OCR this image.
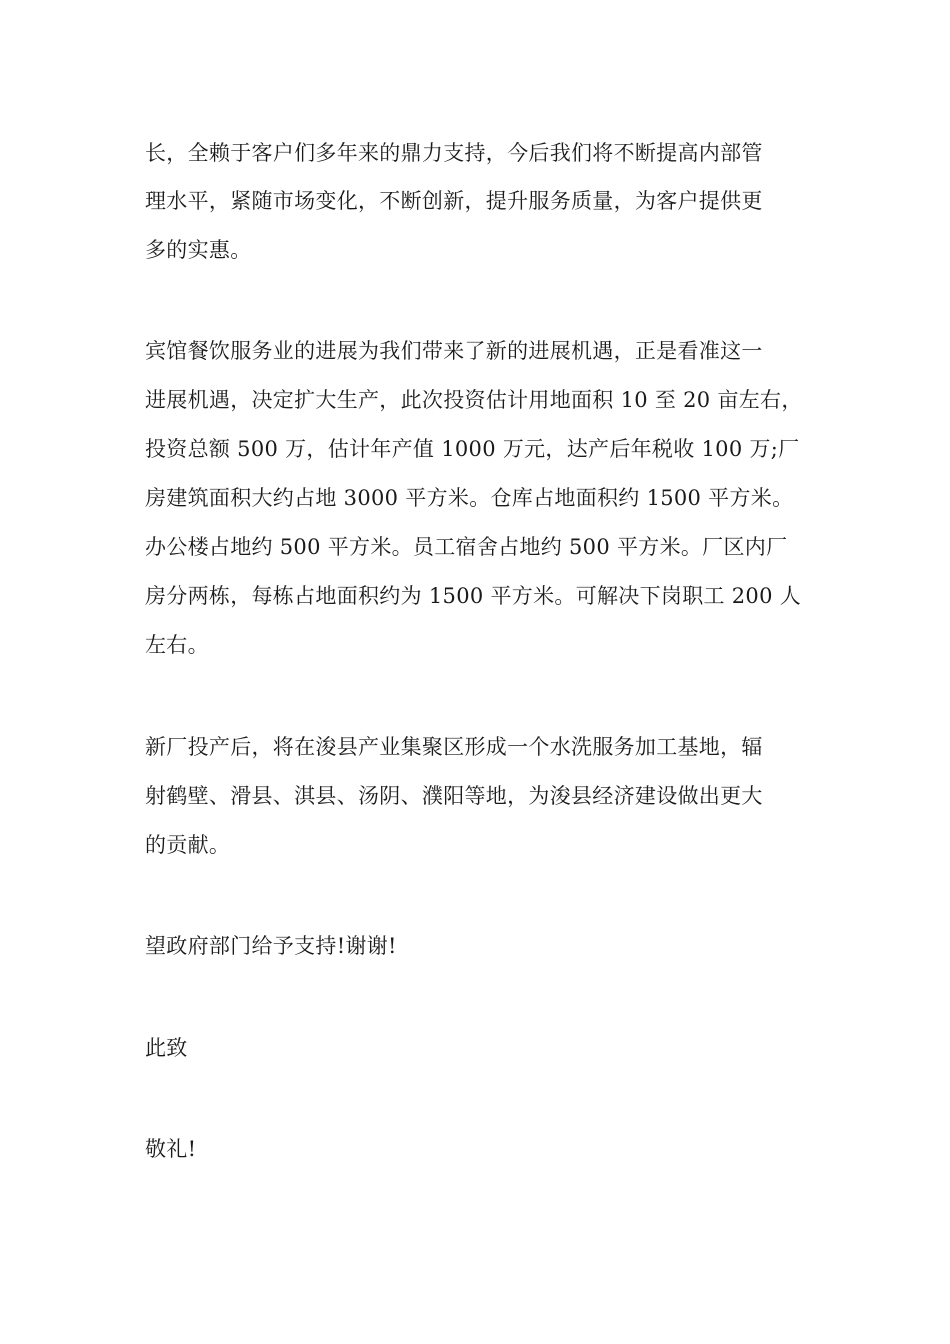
长，全赖于客户们多年来的鼎力支持，今后我们将不断提高内部管
理水平，紧随市场变化，不断创新，提升服务质量，为客户提供更
多的实惠。
宾馆餐饮服务业的进展为我们带来了新的进展机遇，正是看准这一
进展机遇，决定扩大生产，此次投资估计用地面积 10 至 20 亩左右，
投资总额 500 万，估计年产值 1000 万元，达产后年税收 100 万;厂
房建筑面积大约占地 3000 平方米。仓库占地面积约 1500 平方米。
办公楼占地约 500 平方米。员工宿舍占地约 500 平方米。厂区内厂
房分两栋，每栋占地面积约为 1500 平方米。可解决下岗职工 200 人
左右。
新厂投产后，将在浚县产业集聚区形成一个水洗服务加工基地，辐
射鹤壁、滑县、淇县、汤阴、濮阳等地，为浚县经济建设做出更大
的贡献。
望政府部门给予支持!谢谢!
此致
敬礼!
